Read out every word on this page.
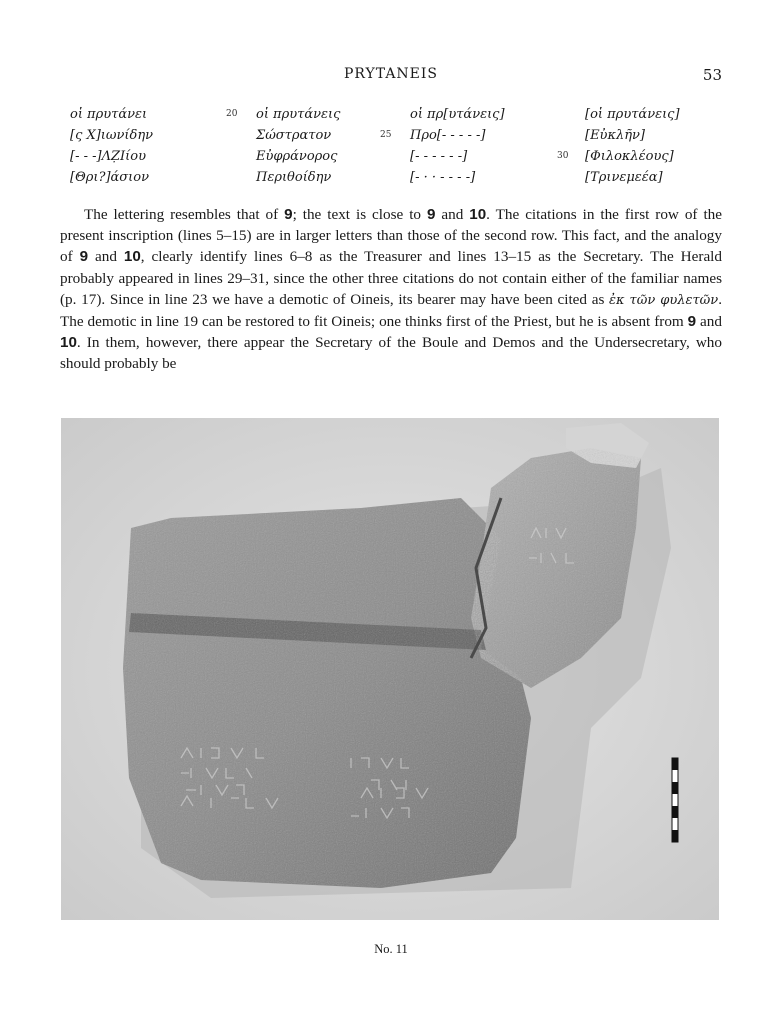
PRYTANEIS	53
οἱ πρυτάνει
[ς Χ]ιωνίδην
[- - -]ΛẒΙίου
[Θρι?]άσιον
20 οἱ πρυτάνεις
Σώστρατον
Εὐφράνορος
Περιθοίδην
οἱ πρ[υτάνεις]
25 Προ[- - - - -]
[- - - - - -]
[- · · - - - -]
[οἱ πρυτάνεις]
[Εὐκλῆν]
30 [Φιλοκλέους]
[Τρινεμεέα]

The lettering resembles that of 9; the text is close to 9 and 10. The citations in the first row of the present inscription (lines 5–15) are in larger letters than those of the second row. This fact, and the analogy of 9 and 10, clearly identify lines 6–8 as the Treasurer and lines 13–15 as the Secretary. The Herald probably appeared in lines 29–31, since the other three citations do not contain either of the familiar names (p. 17). Since in line 23 we have a demotic of Oineis, its bearer may have been cited as ἐκ τῶν φυλετῶν. The demotic in line 19 can be restored to fit Oineis; one thinks first of the Priest, but he is absent from 9 and 10. In them, however, there appear the Secretary of the Boule and Demos and the Undersecretary, who should probably be

No. 11
